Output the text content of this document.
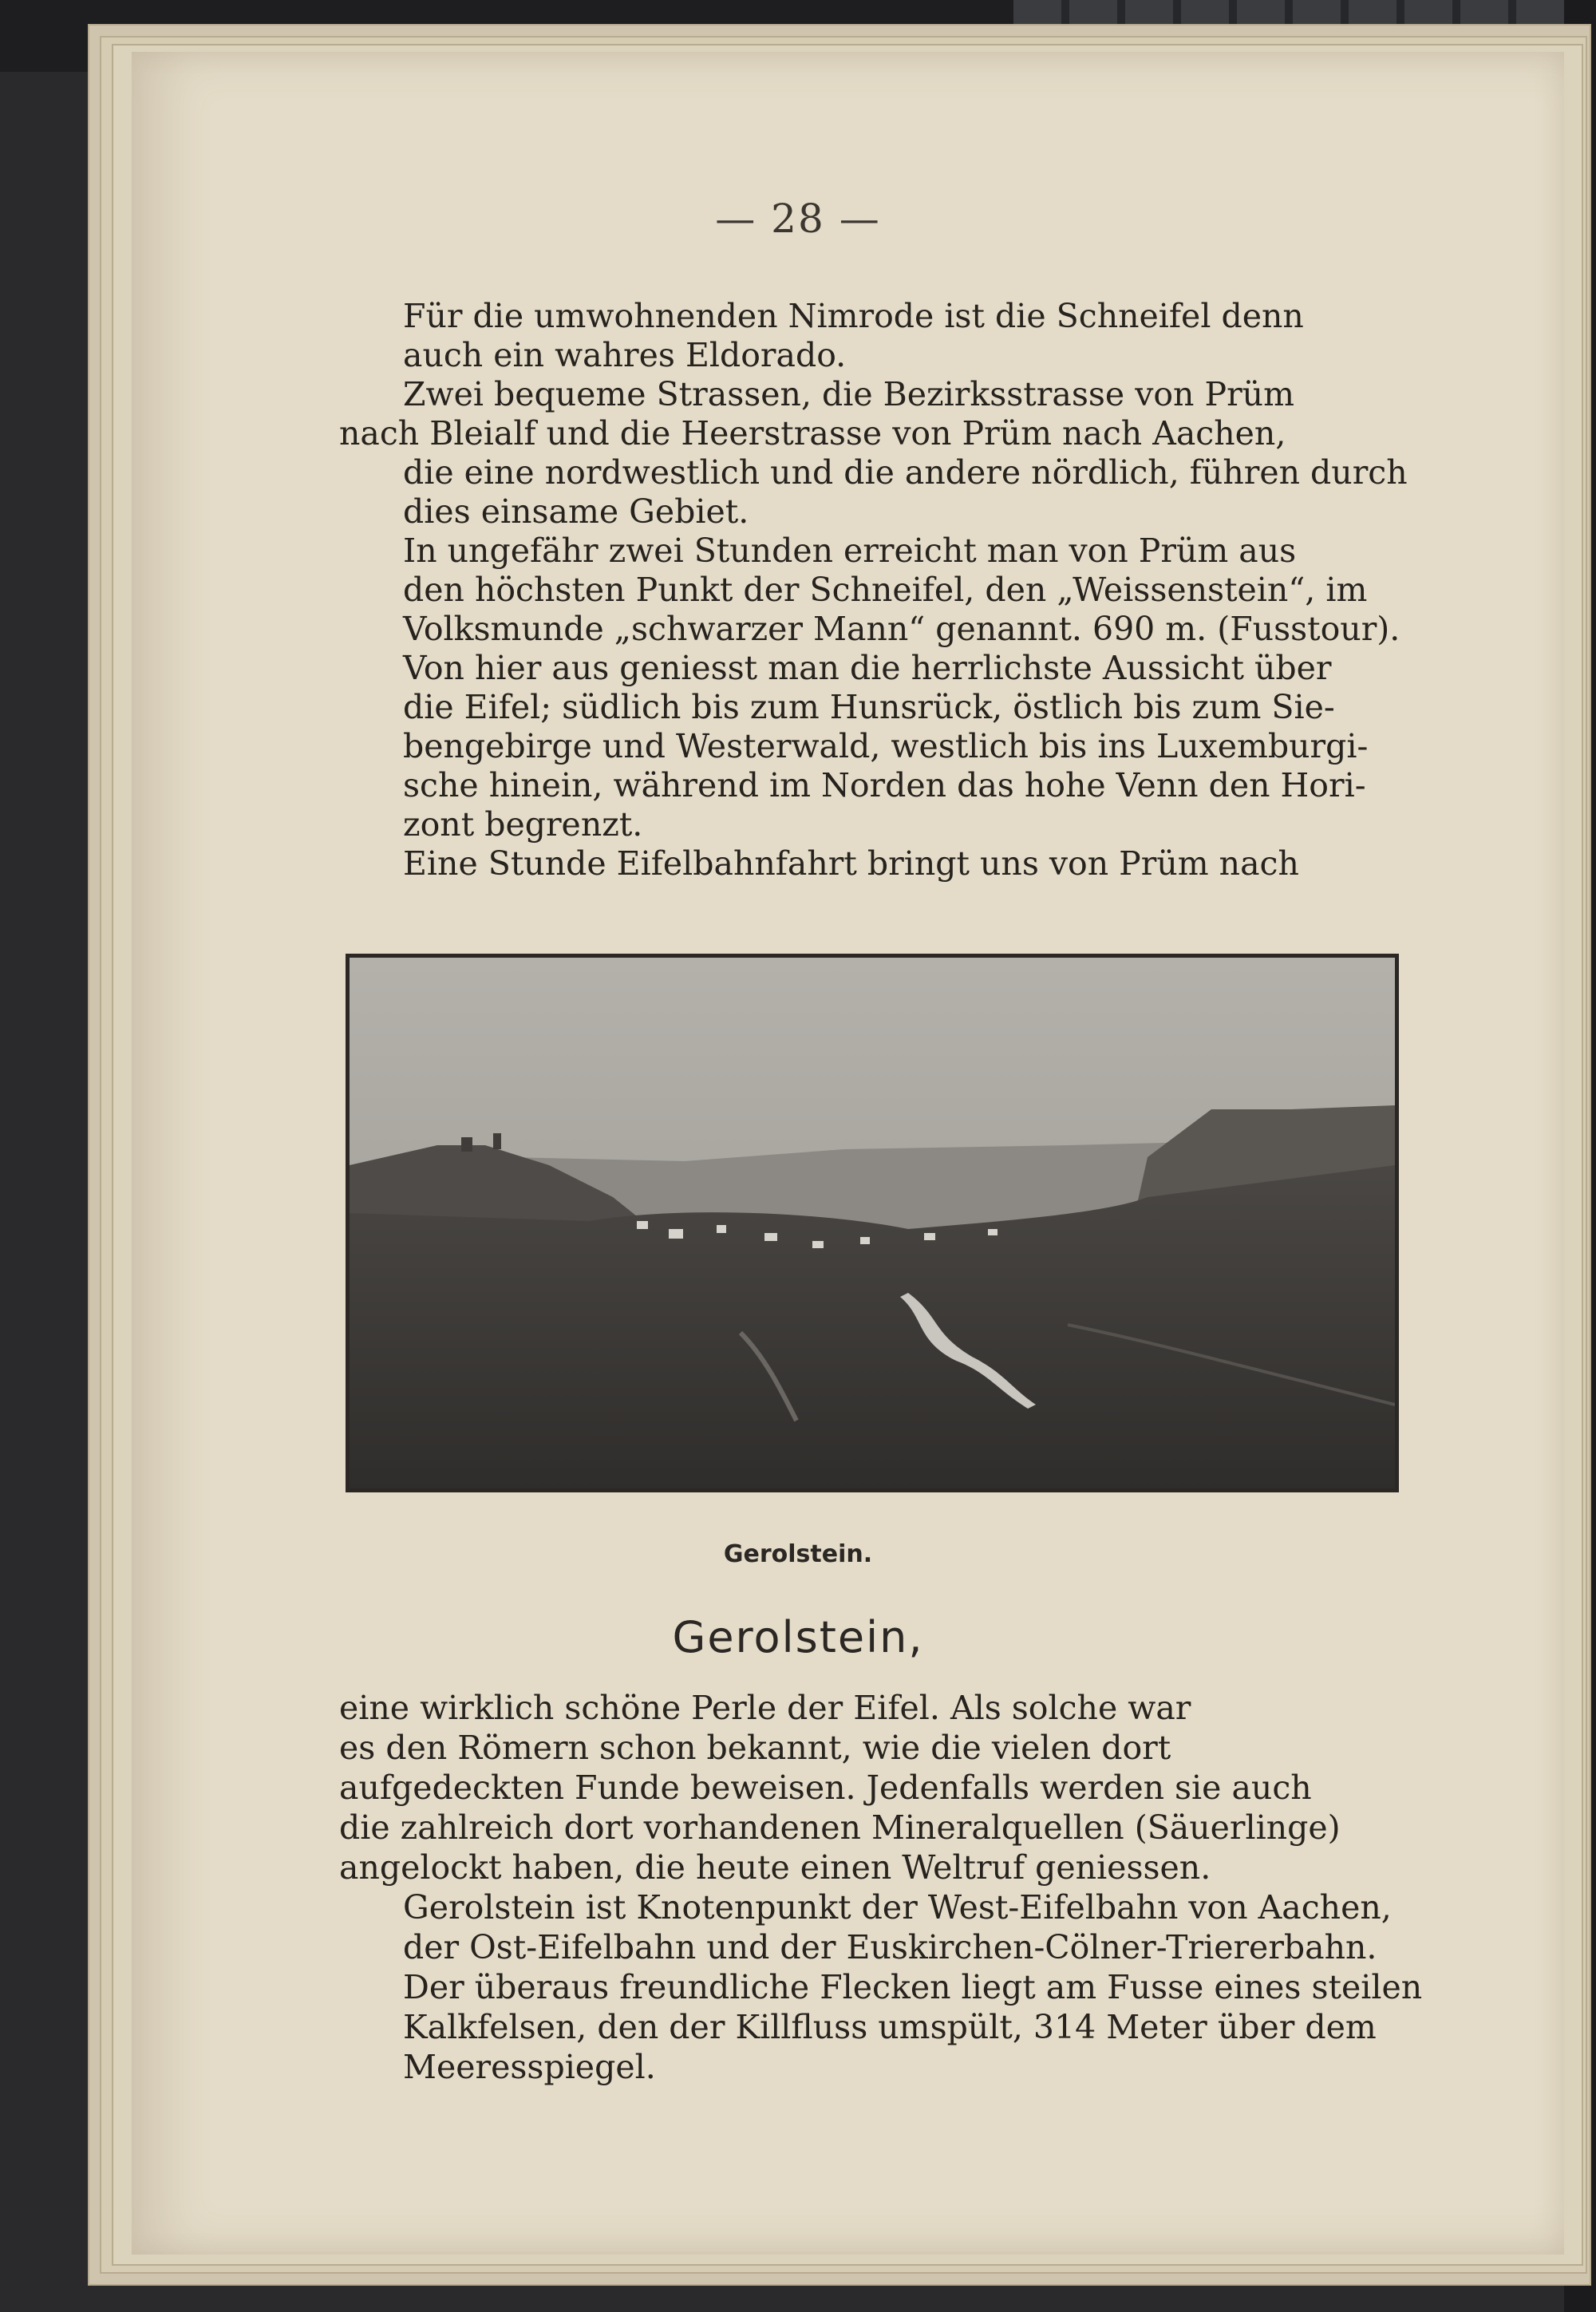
— 28 —

Für die umwohnenden Nimrode ist die Schneifel denn
auch ein wahres Eldorado.

Zwei bequeme Strassen, die Bezirksstrasse von Prüm
nach Bleialf und die Heerstrasse von Prüm nach Aachen,
die eine nordwestlich und die andere nördlich, führen durch
dies einsame Gebiet.

In ungefähr zwei Stunden erreicht man von Prüm aus
den höchsten Punkt der Schneifel, den „Weissenstein“, im
Volksmunde „schwarzer Mann“ genannt. 690 m. (Fusstour).

Von hier aus geniesst man die herrlichste Aussicht über
die Eifel; südlich bis zum Hunsrück, östlich bis zum Sie-
bengebirge und Westerwald, westlich bis ins Luxemburgi-
sche hinein, während im Norden das hohe Venn den Hori-
zont begrenzt.

Eine Stunde Eifelbahnfahrt bringt uns von Prüm nach

Gerolstein.
Gerolstein,

eine wirklich schöne Perle der Eifel. Als solche war
es den Römern schon bekannt, wie die vielen dort
aufgedeckten Funde beweisen. Jedenfalls werden sie auch
die zahlreich dort vorhandenen Mineralquellen (Säuerlinge)
angelockt haben, die heute einen Weltruf geniessen.

Gerolstein ist Knotenpunkt der West-Eifelbahn von Aachen,
der Ost-Eifelbahn und der Euskirchen-Cölner-Triererbahn.
Der überaus freundliche Flecken liegt am Fusse eines steilen
Kalkfelsen, den der Killfluss umspült, 314 Meter über dem
Meeresspiegel.
